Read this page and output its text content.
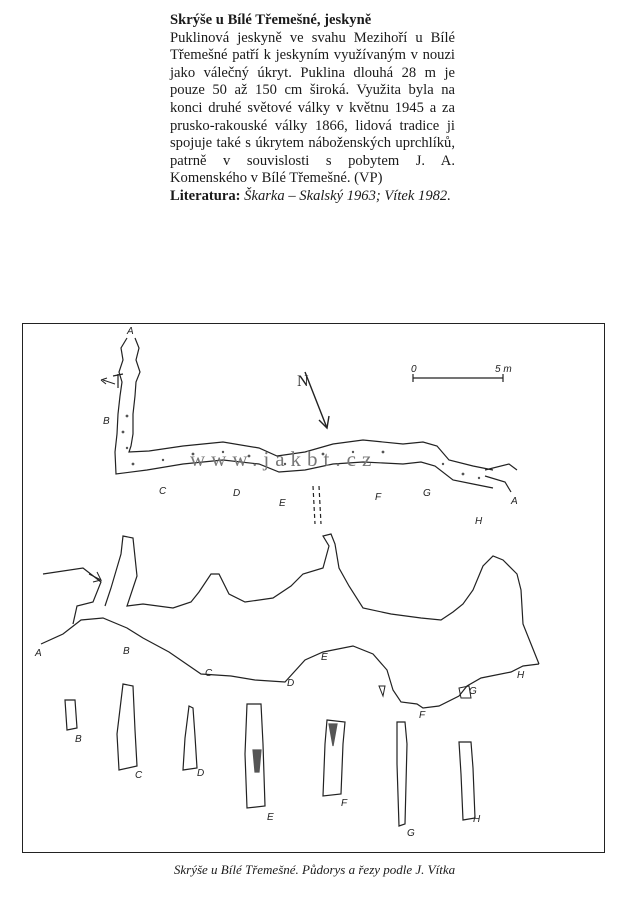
Skrýše u Bílé Třemešné, jeskyně
Puklinová jeskyně ve svahu Mezihoří u Bílé Třemešné patří k jeskyním využívaným v nouzi jako válečný úkryt. Puklina dlouhá 28 m je pouze 50 až 150 cm široká. Využita byla na konci druhé světové války v květnu 1945 a za prusko-rakouské války 1866, lidová tradice ji spojuje také s úkrytem náboženských uprchlíků, patrně v souvislosti s pobytem J. A. Komenského v Bílé Třemešné. (VP)
Literatura: Škarka – Skalský 1963; Vítek 1982.
A
B
C	D
E
F	G
H
A
N
0	5 m
A	B
C
D
E
F
G
H
B
C	D
E
F
G
H
www.jakbt.cz
Skrýše u Bílé Třemešné. Půdorys a řezy podle J. Vítka
